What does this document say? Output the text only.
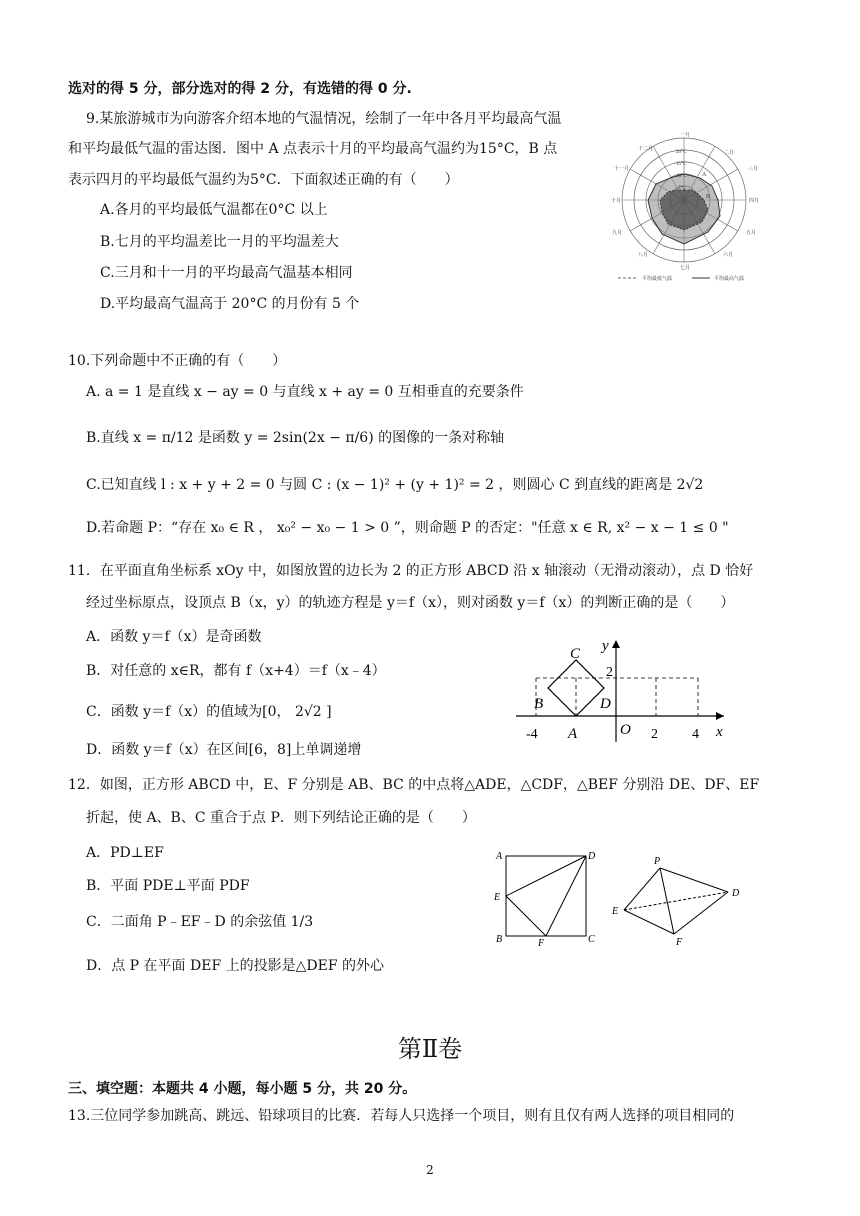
选对的得 5 分，部分选对的得 2 分，有选错的得 0 分.
9.某旅游城市为向游客介绍本地的气温情况，绘制了一年中各月平均最高气温
和平均最低气温的雷达图．图中 A 点表示十月的平均最高气温约为15°C，B 点
表示四月的平均最低气温约为5°C．下面叙述正确的有（　　）
A.各月的平均最低气温都在0°C 以上
B.七月的平均温差比一月的平均温差大
C.三月和十一月的平均最高气温基本相同
D.平均最高气温高于 20°C 的月份有 5 个
一月
二月
三月
四月
五月
六月
七月
八月
九月
十月
十一月
十二月
20°C
15°C
10°C
5°C
A
B
平均最低气温	平均最高气温
10.下列命题中不正确的有（　　）
A. a = 1 是直线 x − ay = 0 与直线 x + ay = 0 互相垂直的充要条件
B.直线 x = π/12 是函数 y = 2sin(2x − π/6) 的图像的一条对称轴
C.已知直线 l : x + y + 2 = 0 与圆 C : (x − 1)² + (y + 1)² = 2 ，则圆心 C 到直线的距离是 2√2
D.若命题 P：“存在 x₀ ∈ R ， x₀² − x₀ − 1 > 0 ”，则命题 P 的否定："任意 x ∈ R, x² − x − 1 ≤ 0 "
11．在平面直角坐标系 xOy 中，如图放置的边长为 2 的正方形 ABCD 沿 x 轴滚动（无滑动滚动），点 D 恰好
经过坐标原点，设顶点 B（x，y）的轨迹方程是 y＝f（x），则对函数 y＝f（x）的判断正确的是（　　）
A．函数 y＝f（x）是奇函数
B．对任意的 x∈R，都有 f（x+4）＝f（x﹣4）
C．函数 y＝f（x）的值域为[0， 2√2 ]
D．函数 y＝f（x）在区间[6，8]上单调递增
C
B
A
D
O	x
y
-4	2 4
2
12．如图，正方形 ABCD 中，E、F 分别是 AB、BC 的中点将△ADE，△CDF，△BEF 分别沿 DE、DF、EF
折起，使 A、B、C 重合于点 P．则下列结论正确的是（　　）
A．PD⊥EF
B．平面 PDE⊥平面 PDF
C．二面角 P﹣EF﹣D 的余弦值 1/3
D．点 P 在平面 DEF 上的投影是△DEF 的外心
A	D
E
B	F	C
P
E
D
F
第Ⅱ卷
三、填空题：本题共 4 小题，每小题 5 分，共 20 分。
13.三位同学参加跳高、跳远、铅球项目的比赛．若每人只选择一个项目，则有且仅有两人选择的项目相同的
2
